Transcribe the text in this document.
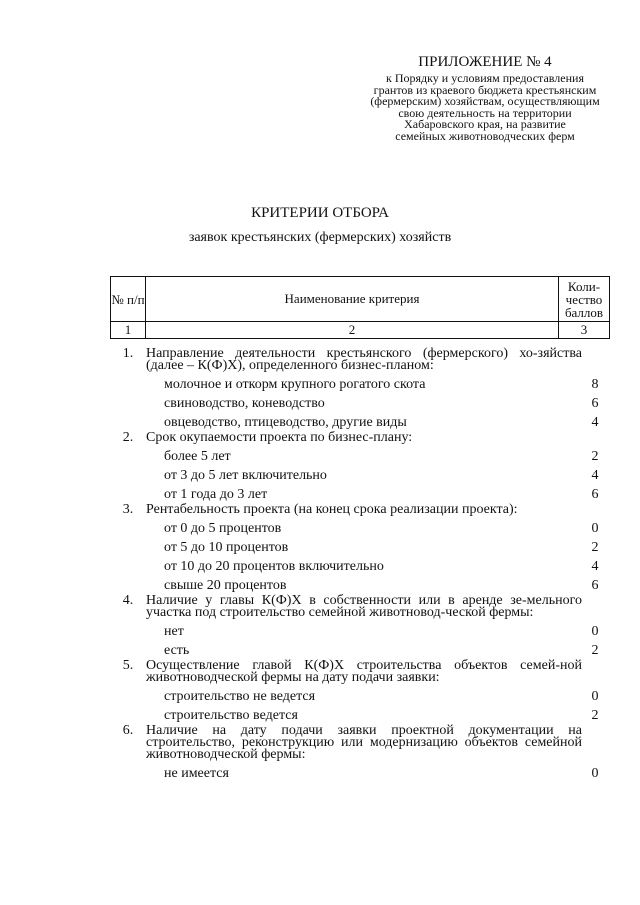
ПРИЛОЖЕНИЕ № 4
к Порядку и условиям предоставления
грантов из краевого бюджета крестьянским
(фермерским) хозяйствам, осуществляющим
свою деятельность на территории
Хабаровского края, на развитие
семейных животноводческих ферм
КРИТЕРИИ ОТБОРА
заявок крестьянских (фермерских) хозяйств
№ п/п	Наименование критерия	Коли-чество баллов
1	2	3
1. Направление деятельности крестьянского (фермерского) хо-зяйства (далее – К(Ф)Х), определенного бизнес-планом:
молочное и откорм крупного рогатого скота	8
свиноводство, коневодство	6
овцеводство, птицеводство, другие виды	4
2. Срок окупаемости проекта по бизнес-плану:
более 5 лет	2
от 3 до 5 лет включительно	4
от 1 года до 3 лет	6
3. Рентабельность проекта (на конец срока реализации проекта):
от 0 до 5 процентов	0
от 5 до 10 процентов	2
от 10 до 20 процентов включительно	4
свыше 20 процентов	6
4. Наличие у главы К(Ф)Х в собственности или в аренде зе-мельного участка под строительство семейной животновод-ческой фермы:
нет	0
есть	2
5. Осуществление главой К(Ф)Х строительства объектов семей-ной животноводческой фермы на дату подачи заявки:
строительство не ведется	0
строительство ведется	2
6. Наличие на дату подачи заявки проектной документации на строительство, реконструкцию или модернизацию объектов семейной животноводческой фермы:
не имеется	0
